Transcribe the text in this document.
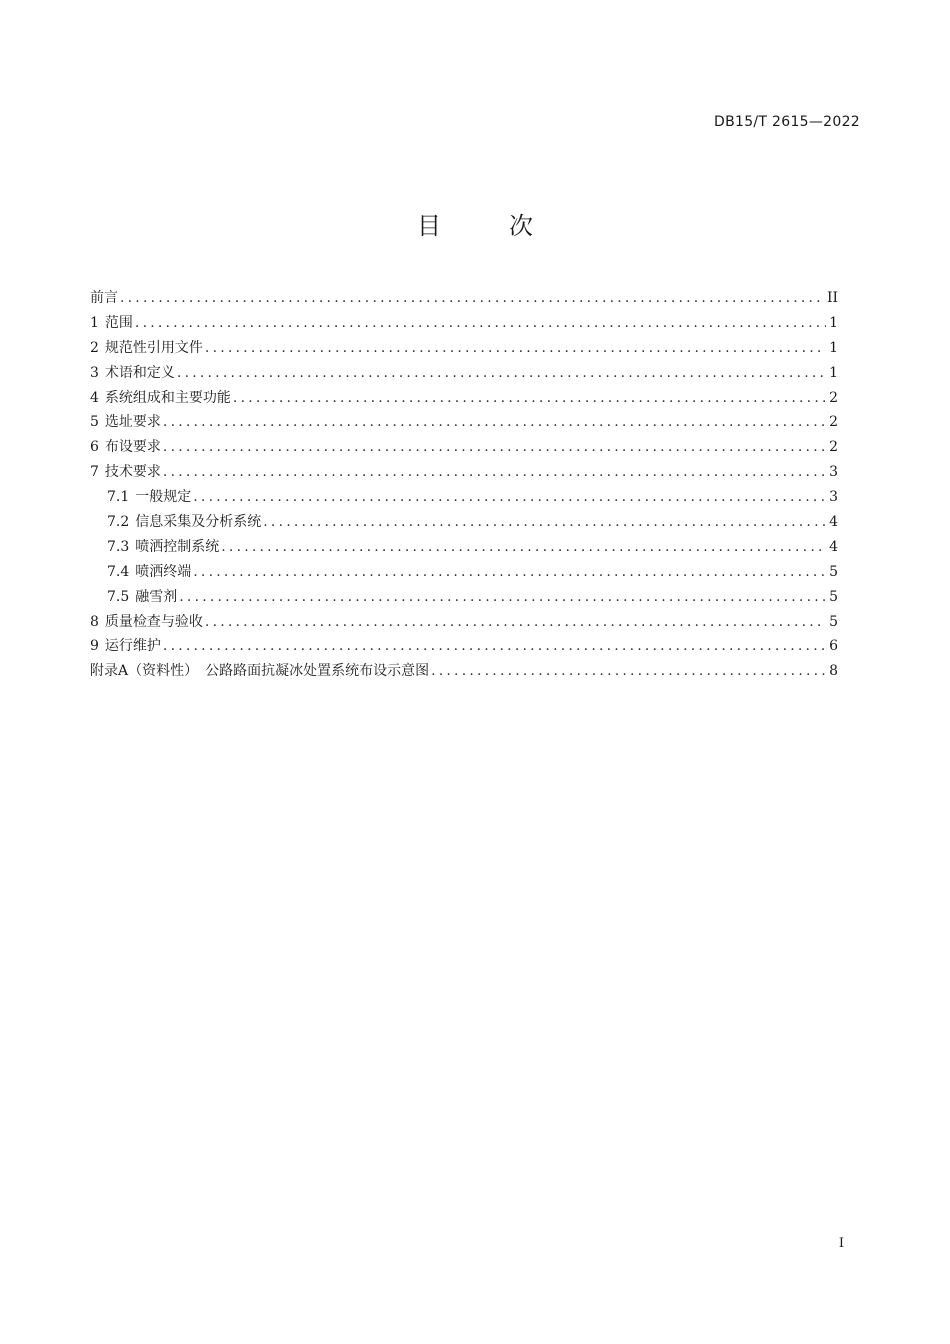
DB15/T 2615—2022
目　次
前言 .....	II
1 范围 .....	1
2 规范性引用文件 .....	1
3 术语和定义 .....	1
4 系统组成和主要功能 .....	2
5 选址要求 .....	2
6 布设要求 .....	2
7 技术要求 .....	3
7.1 一般规定 .....	3
7.2 信息采集及分析系统 .....	4
7.3 喷洒控制系统 .....	4
7.4 喷洒终端 .....	5
7.5 融雪剂 .....	5
8 质量检查与验收 .....	5
9 运行维护 .....	6
附录A（资料性）　公路路面抗凝冰处置系统布设示意图 .....	8
I
